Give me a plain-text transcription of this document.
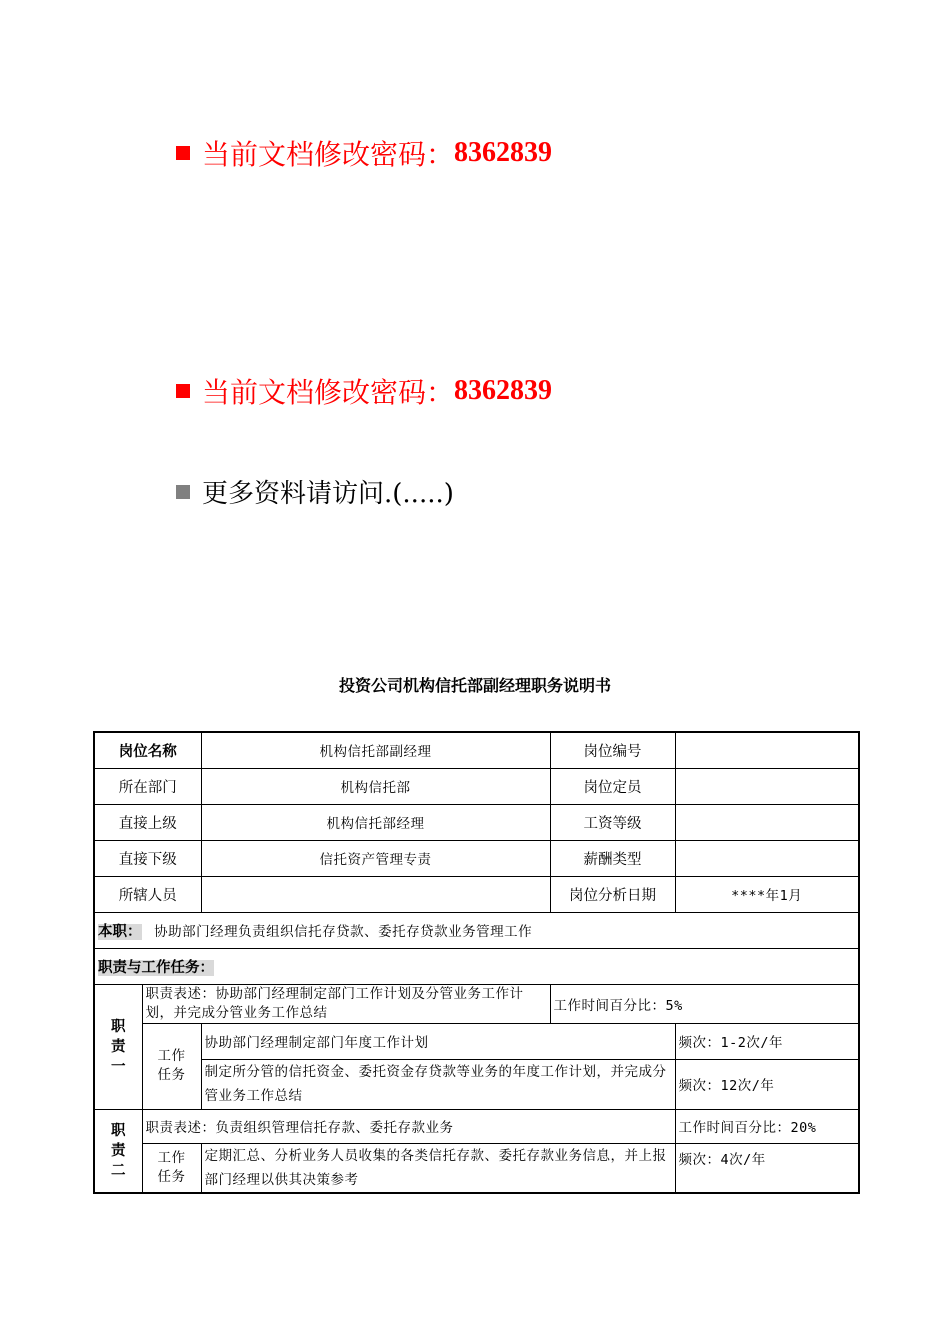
当前文档修改密码： 8362839
当前文档修改密码： 8362839
更多资料请访问.(.....)
投资公司机构信托部副经理职务说明书
岗位名称		机构信托部副经理	岗位编号	
所在部门		机构信托部	岗位定员	
直接上级		机构信托部经理	工资等级	
直接下级		信托资产管理专责	薪酬类型	
所辖人员			岗位分析日期	****年1月
本职： 协助部门经理负责组织信托存贷款、委托存贷款业务管理工作				
职责与工作任务：				
职责一	职责表述：协助部门经理制定部门工作计划及分管业务工作计划，并完成分管业务工作总结		工作时间百分比：5%	
	工作任务	协助部门经理制定部门年度工作计划		频次：1-2次/年
		制定所分管的信托资金、委托资金存贷款等业务的年度工作计划，并完成分管业务工作总结		频次：12次/年
职责二	职责表述：负责组织管理信托存款、委托存款业务			工作时间百分比：20%
	工作任务	定期汇总、分析业务人员收集的各类信托存款、委托存款业务信息，并上报部门经理以供其决策参考		频次：4次/年
